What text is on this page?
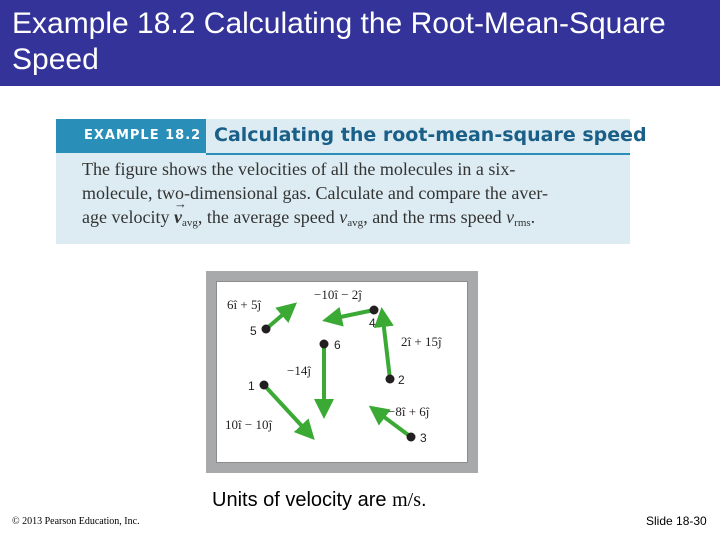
Example 18.2 Calculating the Root-Mean-Square Speed
EXAMPLE 18.2 Calculating the root-mean-square speed
The figure shows the velocities of all the molecules in a six-
molecule, two-dimensional gas. Calculate and compare the aver-
age velocity → $v_{avg}$, the average speed $v_{avg}$, and the rms speed $v_{rms}$.
6î + 5ĵ
−10î − 2ĵ
2î + 15ĵ
−14ĵ
10î − 10ĵ
−8î + 6ĵ
5
4
6
2
1
3
Units of velocity are m/s.
© 2013 Pearson Education, Inc.	Slide 18-30
